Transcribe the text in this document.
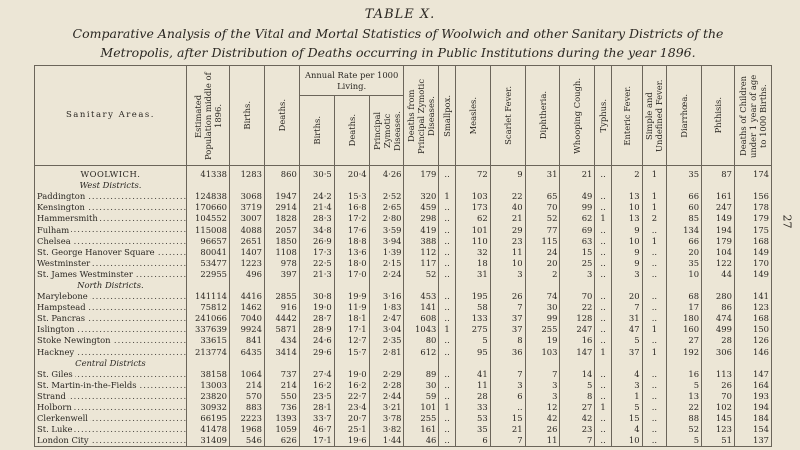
TABLE X.
Comparative Analysis of the Vital and Mortal Statistics of Woolwich and other Sanitary Districts of the
Metropolis, after Distribution of Deaths occurring in Public Institutions during the year 1896.
27
Sanitary Areas.	Estimated Population middle of 1896.	Births.	Deaths.	Annual Rate per 1000 Living.			Deaths from Principal Zymotic Diseases.	Smallpox.	Measles.	Scarlet Fever.	Diphtheria.	Whooping Cough.	Typhus.	Enteric Fever.	Simple and Undefined Fever.	Diarrhœa.	Phthisis.	Deaths of Children under 1 year of age to 1000 Births.

				Births.	Deaths.	Principal Zymotic Diseases.												

WOOLWICH.	41338	1283	860	30·5	20·4	4·26	179	..	72	9	31	21	..	2	1	35	87	174
West Districts.																		
Paddington .....	124838	3068	1947	24·2	15·3	2·52	320	1	103	22	65	49	..	13	1	66	161	156
Kensington .....	170660	3719	2914	21·4	16·8	2·65	459	..	173	40	70	99	..	10	1	60	247	178
Hammersmith .....	104552	3007	1828	28·3	17·2	2·80	298	..	62	21	52	62	1	13	2	85	149	179
Fulham .....	115008	4088	2057	34·8	17·6	3·59	419	..	101	29	77	69	..	9	..	134	194	175
Chelsea .....	96657	2651	1850	26·9	18·8	3·94	388	..	110	23	115	63	..	10	1	66	179	168
St. George Hanover Square .....	80041	1407	1108	17·3	13·6	1·39	112	..	32	11	24	15	..	9	..	20	104	149
Westminster .....	53477	1223	978	22·5	18·0	2·15	117	..	18	10	20	25	..	9	..	35	122	170
St. James Westminster .....	22955	496	397	21·3	17·0	2·24	52	..	31	3	2	3	..	3	..	10	44	149
North Districts.																		
Marylebone .....	141114	4416	2855	30·8	19·9	3·16	453	..	195	26	74	70	..	20	..	68	280	141
Hampstead .....	75812	1462	916	19·0	11·9	1·83	141	..	58	7	30	22	..	7	..	17	86	123
St. Pancras .....	241066	7040	4442	28·7	18·1	2·47	608	..	133	37	99	128	..	31	..	180	474	168
Islington .....	337639	9924	5871	28·9	17·1	3·04	1043	1	275	37	255	247	..	47	1	160	499	150
Stoke Newington .....	33615	841	434	24·6	12·7	2·35	80	..	5	8	19	16	..	5	..	27	28	126
Hackney .....	213774	6435	3414	29·6	15·7	2·81	612	..	95	36	103	147	1	37	1	192	306	146
Central Districts																		
St. Giles .....	38158	1064	737	27·4	19·0	2·29	89	..	41	7	7	14	..	4	..	16	113	147
St. Martin-in-the-Fields .....	13003	214	214	16·2	16·2	2·28	30	..	11	3	3	5	..	3	..	5	26	164
Strand .....	23820	570	550	23·5	22·7	2·44	59	..	28	6	3	8	..	1	..	13	70	193
Holborn .....	30932	883	736	28·1	23·4	3·21	101	1	33	..	12	27	1	5	..	22	102	194
Clerkenwell .....	66195	2223	1393	33·7	20·7	3·78	255	..	53	15	42	42	..	15	..	88	145	184
St. Luke .....	41478	1968	1059	46·7	25·1	3·82	161	..	35	21	26	23	..	4	..	52	123	154
London City .....	31409	546	626	17·1	19·6	1·44	46	..	6	7	11	7	..	10	..	5	51	137
